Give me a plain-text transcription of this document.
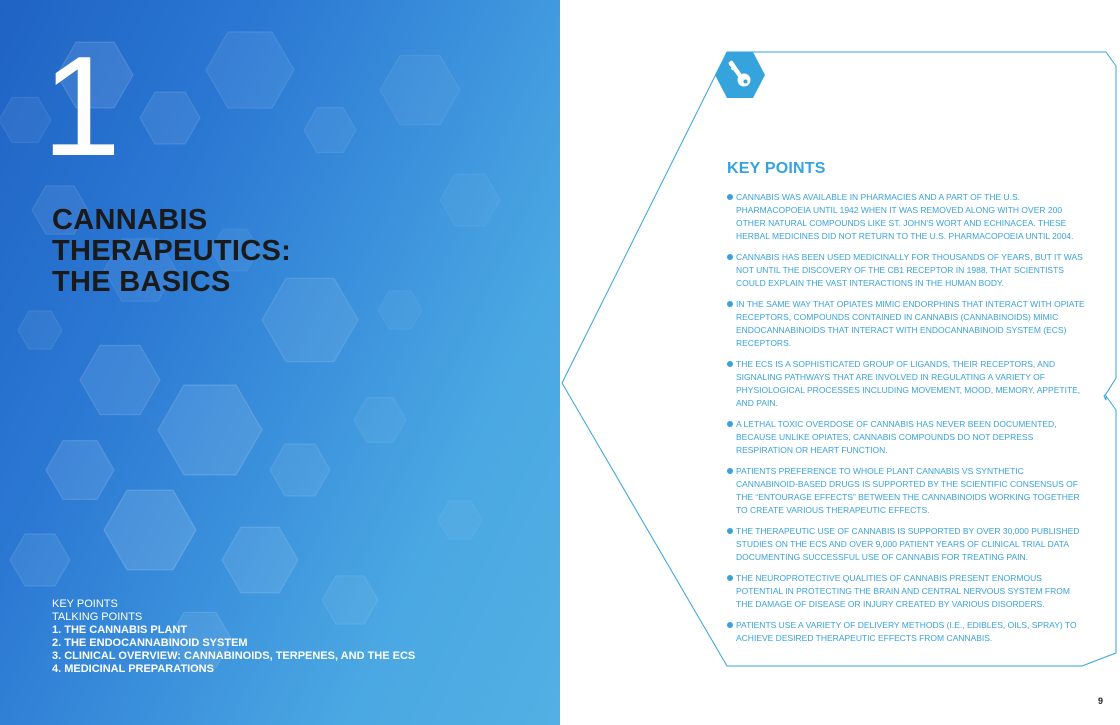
1
CANNABIS
THERAPEUTICS:
THE BASICS
KEY POINTS
TALKING POINTS
1. THE CANNABIS PLANT
2. THE ENDOCANNABINOID SYSTEM
3. CLINICAL OVERVIEW: CANNABINOIDS, TERPENES, AND THE ECS
4. MEDICINAL PREPARATIONS
KEY POINTS
CANNABIS WAS AVAILABLE IN PHARMACIES AND A PART OF THE U.S. PHARMACOPOEIA UNTIL 1942 WHEN IT WAS REMOVED ALONG WITH OVER 200 OTHER NATURAL COMPOUNDS LIKE ST. JOHN'S WORT AND ECHINACEA. THESE HERBAL MEDICINES DID NOT RETURN TO THE U.S. PHARMACOPOEIA UNTIL 2004.
CANNABIS HAS BEEN USED MEDICINALLY FOR THOUSANDS OF YEARS, BUT IT WAS NOT UNTIL THE DISCOVERY OF THE CB1 RECEPTOR IN 1988, THAT SCIENTISTS COULD EXPLAIN THE VAST INTERACTIONS IN THE HUMAN BODY.
IN THE SAME WAY THAT OPIATES MIMIC ENDORPHINS THAT INTERACT WITH OPIATE RECEPTORS, COMPOUNDS CONTAINED IN CANNABIS (CANNABINOIDS) MIMIC ENDOCANNABINOIDS THAT INTERACT WITH ENDOCANNABINOID SYSTEM (ECS) RECEPTORS.
THE ECS IS A SOPHISTICATED GROUP OF LIGANDS, THEIR RECEPTORS, AND SIGNALING PATHWAYS THAT ARE INVOLVED IN REGULATING A VARIETY OF PHYSIOLOGICAL PROCESSES INCLUDING MOVEMENT, MOOD, MEMORY, APPETITE, AND PAIN.
A LETHAL TOXIC OVERDOSE OF CANNABIS HAS NEVER BEEN DOCUMENTED, BECAUSE UNLIKE OPIATES, CANNABIS COMPOUNDS DO NOT DEPRESS RESPIRATION OR HEART FUNCTION.
PATIENTS PREFERENCE TO WHOLE PLANT CANNABIS VS SYNTHETIC CANNABINOID-BASED DRUGS IS SUPPORTED BY THE SCIENTIFIC CONSENSUS OF THE “ENTOURAGE EFFECTS” BETWEEN THE CANNABINOIDS WORKING TOGETHER TO CREATE VARIOUS THERAPEUTIC EFFECTS.
THE THERAPEUTIC USE OF CANNABIS IS SUPPORTED BY OVER 30,000 PUBLISHED STUDIES ON THE ECS AND OVER 9,000 PATIENT YEARS OF CLINICAL TRIAL DATA DOCUMENTING SUCCESSFUL USE OF CANNABIS FOR TREATING PAIN.
THE NEUROPROTECTIVE QUALITIES OF CANNABIS PRESENT ENORMOUS POTENTIAL IN PROTECTING THE BRAIN AND CENTRAL NERVOUS SYSTEM FROM THE DAMAGE OF DISEASE OR INJURY CREATED BY VARIOUS DISORDERS.
PATIENTS USE A VARIETY OF DELIVERY METHODS (I.E., EDIBLES, OILS, SPRAY) TO ACHIEVE DESIRED THERAPEUTIC EFFECTS FROM CANNABIS.
9
